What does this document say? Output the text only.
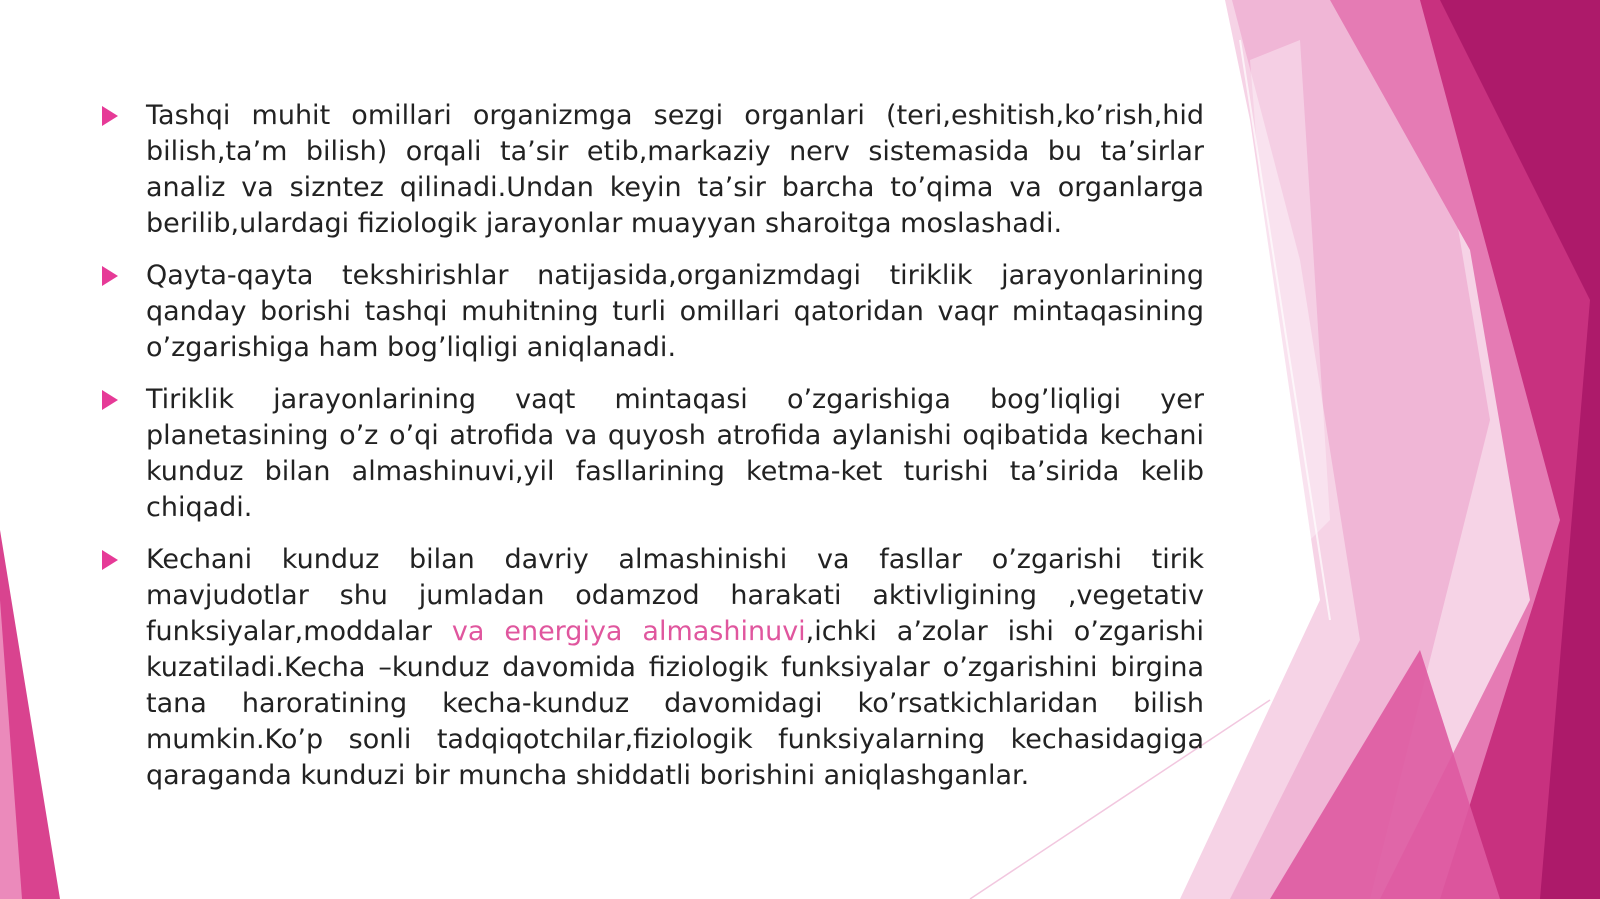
Tashqi muhit omillari organizmga sezgi organlari (teri,eshitish,ko’rish,hid bilish,ta’m bilish) orqali ta’sir etib,markaziy nerv sistemasida bu ta’sirlar analiz va sizntez qilinadi.Undan keyin ta’sir barcha to’qima va organlarga berilib,ulardagi fiziologik jarayonlar muayyan sharoitga moslashadi.

Qayta-qayta tekshirishlar natijasida,organizmdagi tiriklik jarayonlarining qanday borishi tashqi muhitning turli omillari qatoridan vaqr mintaqasining o’zgarishiga ham bog’liqligi aniqlanadi.

Tiriklik jarayonlarining vaqt mintaqasi o’zgarishiga bog’liqligi yer planetasining o’z o’qi atrofida va quyosh atrofida aylanishi oqibatida kechani kunduz bilan almashinuvi,yil fasllarining ketma-ket turishi ta’sirida kelib chiqadi.

Kechani kunduz bilan davriy almashinishi va fasllar o’zgarishi tirik mavjudotlar shu jumladan odamzod harakati aktivligining ,vegetativ funksiyalar,moddalar va energiya almashinuvi,ichki a’zolar ishi o’zgarishi kuzatiladi.Kecha –kunduz davomida fiziologik funksiyalar o’zgarishini birgina tana haroratining kecha-kunduz davomidagi ko’rsatkichlaridan bilish mumkin.Ko’p sonli tadqiqotchilar,fiziologik funksiyalarning kechasidagiga qaraganda kunduzi bir muncha shiddatli borishini aniqlashganlar.
